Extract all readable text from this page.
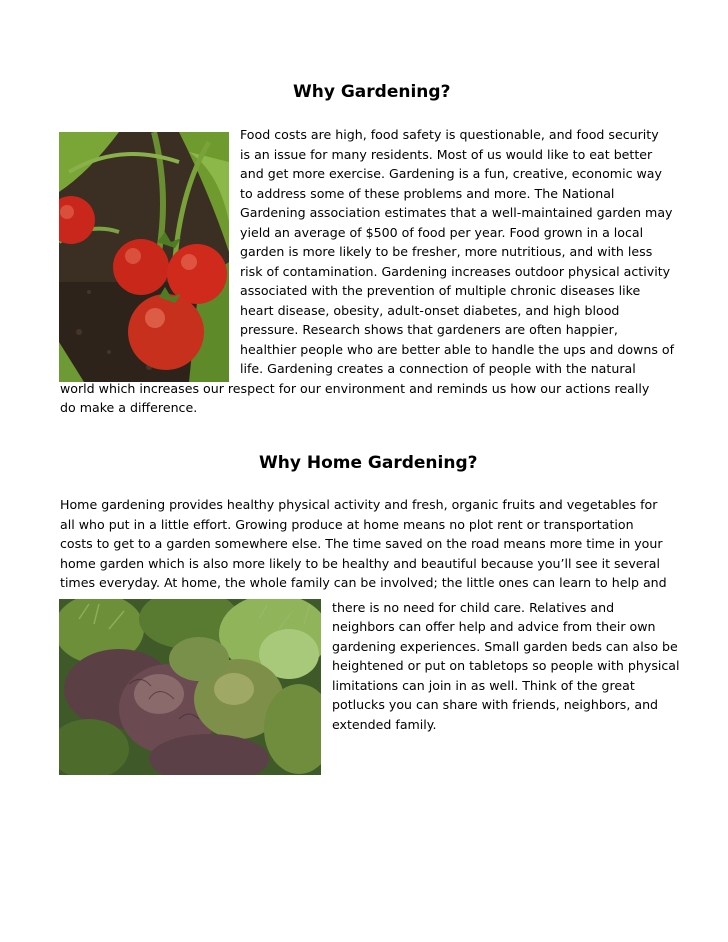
Why Gardening?

Food costs are high, food safety is questionable, and food security

is an issue for many residents. Most of us would like to eat better

and get more exercise. Gardening is a fun, creative, economic way

to address some of these problems and more. The National

Gardening association estimates that a well-maintained garden may

yield an average of $500 of food per year. Food grown in a local

garden is more likely to be fresher, more nutritious, and with less

risk of contamination. Gardening increases outdoor physical activity

associated with the prevention of multiple chronic diseases like

heart disease, obesity, adult-onset diabetes, and high blood

pressure. Research shows that gardeners are often happier,

healthier people who are better able to handle the ups and downs of

life. Gardening creates a connection of people with the natural

world which increases our respect for our environment and reminds us how our actions really

do make a difference.

Why Home Gardening?

Home gardening provides healthy physical activity and fresh, organic fruits and vegetables for

all who put in a little effort. Growing produce at home means no plot rent or transportation

costs to get to a garden somewhere else. The time saved on the road means more time in your

home garden which is also more likely to be healthy and beautiful because you’ll see it several

times everyday. At home, the whole family can be involved; the little ones can learn to help and

there is no need for child care. Relatives and

neighbors can offer help and advice from their own

gardening experiences. Small garden beds can also be

heightened or put on tabletops so people with physical

limitations can join in as well. Think of the great

potlucks you can share with friends, neighbors, and

extended family.
